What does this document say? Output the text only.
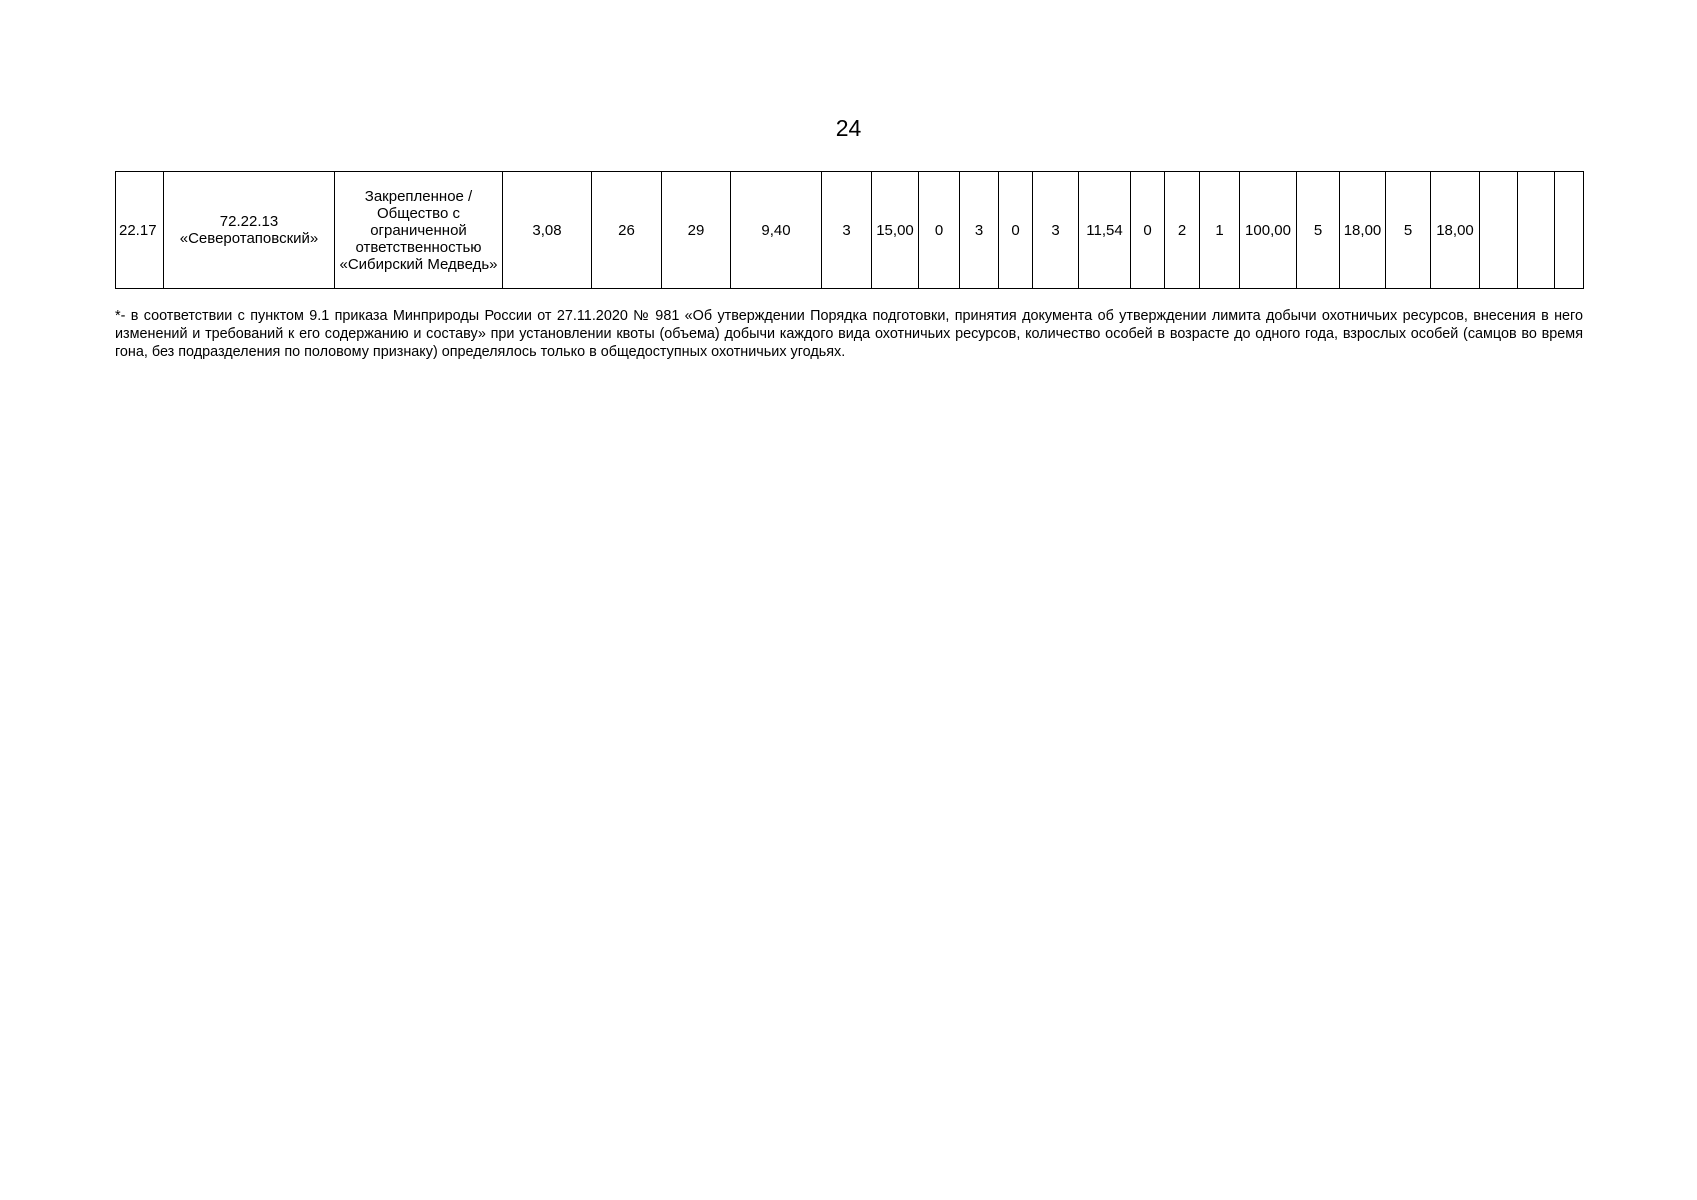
24
22.17	72.22.13 «Северотаповский»	Закрепленное / Общество с ограниченной ответственностью «Сибирский Медведь»	3,08	26	29	9,40	3	15,00	0	3	0	3	11,54	0	2	1	100,00	5	18,00	5	18,00			

*- в соответствии с пунктом 9.1 приказа Минприроды России от 27.11.2020 № 981 «Об утверждении Порядка подготовки, принятия документа об утверждении лимита добычи охотничьих ресурсов, внесения в него изменений и требований к его содержанию и составу» при установлении квоты (объема) добычи каждого вида охотничьих ресурсов, количество особей в возрасте до одного года, взрослых особей (самцов во время гона, без подразделения по половому признаку) определялось только в общедоступных охотничьих угодьях.
